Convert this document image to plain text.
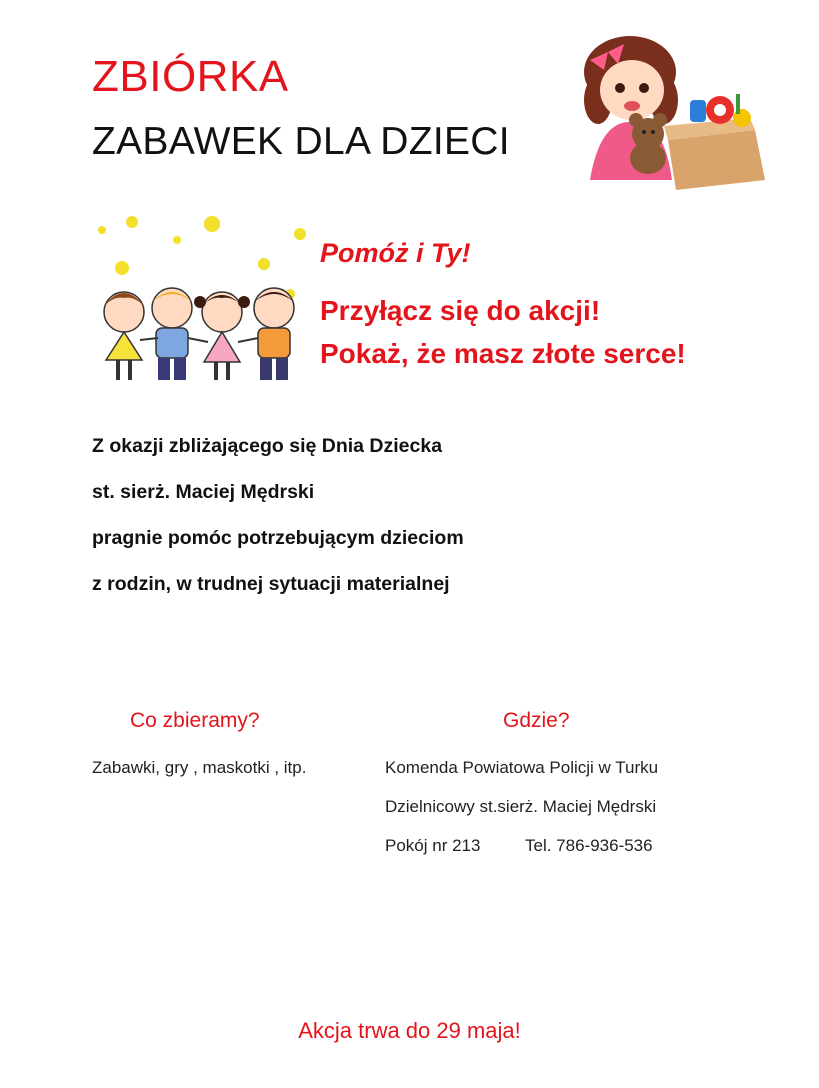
ZBIÓRKA
ZABAWEK DLA DZIECI
Pomóż i Ty!
Przyłącz się do akcji!
Pokaż, że masz złote serce!
Z okazji zbliżającego się Dnia Dziecka
st. sierż. Maciej Mędrski
pragnie pomóc potrzebującym dzieciom
z rodzin, w trudnej sytuacji materialnej
Co zbieramy?
Zabawki, gry , maskotki , itp.
Gdzie?
Komenda Powiatowa Policji w Turku
Dzielnicowy st.sierż. Maciej Mędrski
Pokój nr 213	Tel. 786-936-536
Akcja trwa do 29 maja!
